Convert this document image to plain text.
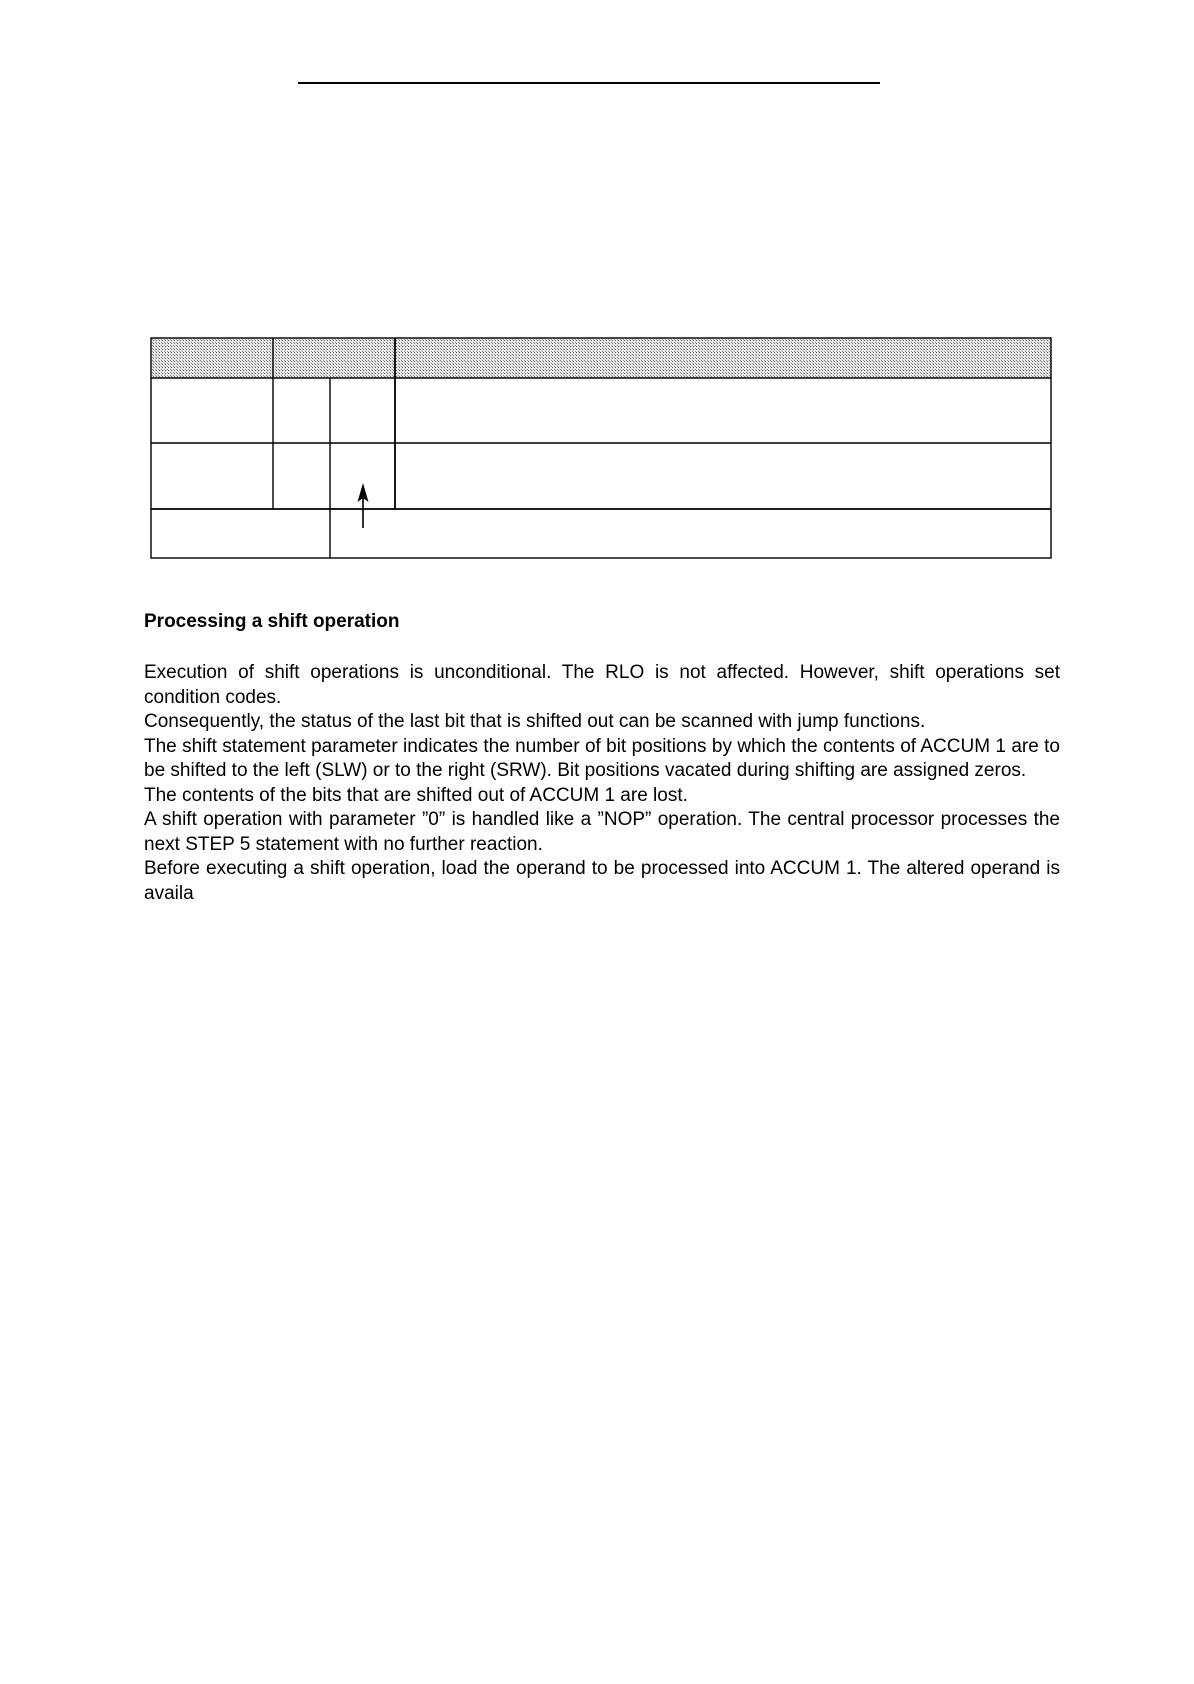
Processing a shift operation

Execution of shift operations is unconditional. The RLO is not affected. However, shift operations set condition codes.

Consequently, the status of the last bit that is shifted out can be scanned with jump functions.

The shift statement parameter indicates the number of bit positions by which the contents of ACCUM 1 are to be shifted to the left (SLW) or to the right (SRW). Bit positions vacated during shifting are assigned zeros.

The contents of the bits that are shifted out of ACCUM 1 are lost.

A shift operation with parameter ”0” is handled like a ”NOP” operation. The central processor processes the next STEP 5 statement with no further reaction.

Before executing a shift operation, load the operand to be processed into ACCUM 1. The altered operand is availa
